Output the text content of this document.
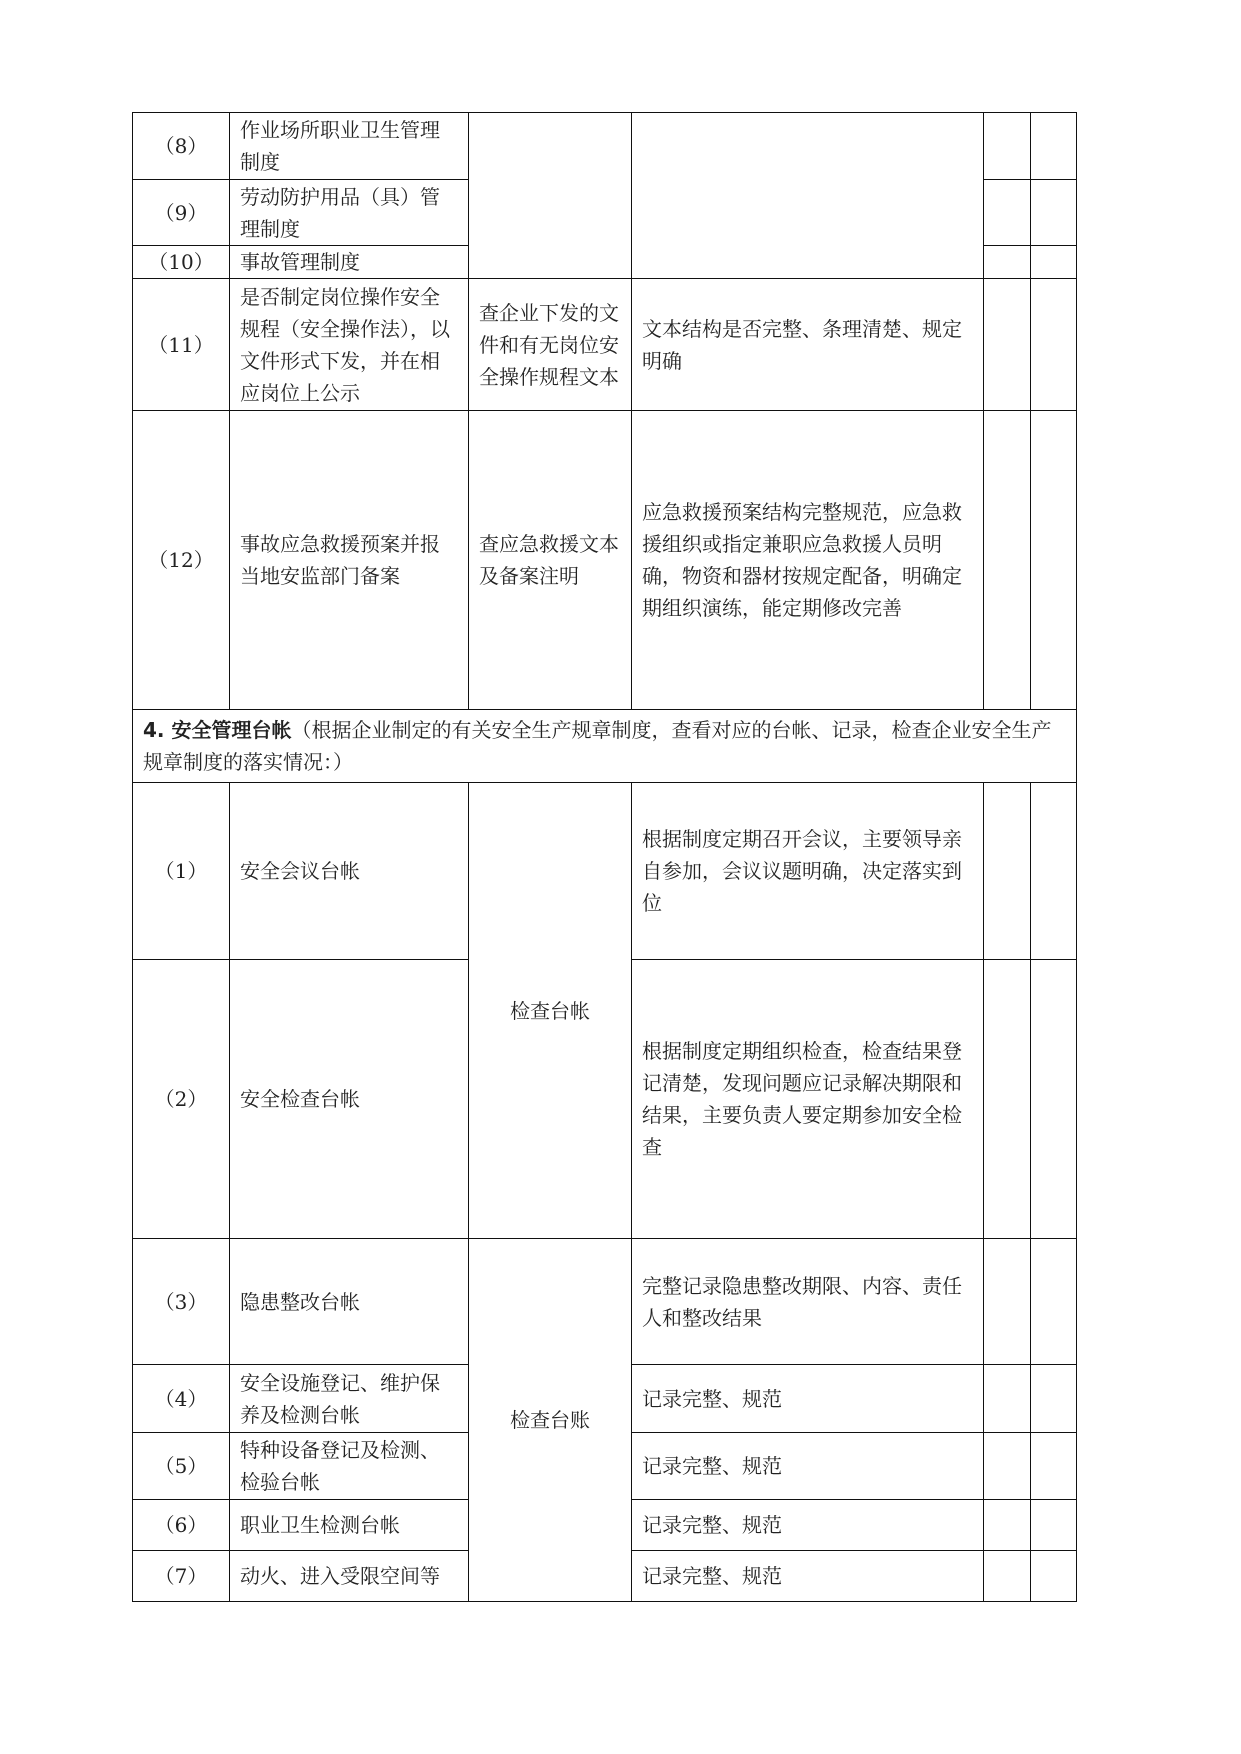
（8）	作业场所职业卫生管理制度				
（9）	劳动防护用品（具）管理制度				
（10）	事故管理制度				
（11）	是否制定岗位操作安全规程（安全操作法），以文件形式下发，并在相应岗位上公示	查企业下发的文件和有无岗位安全操作规程文本	文本结构是否完整、条理清楚、规定明确		
（12）	事故应急救援预案并报当地安监部门备案	查应急救援文本及备案注明	应急救援预案结构完整规范，应急救援组织或指定兼职应急救援人员明确，物资和器材按规定配备，明确定期组织演练，能定期修改完善		
4. 安全管理台帐（根据企业制定的有关安全生产规章制度，查看对应的台帐、记录，检查企业安全生产规章制度的落实情况：）					
（1）	安全会议台帐	检查台帐	根据制度定期召开会议，主要领导亲自参加，会议议题明确，决定落实到位		
（2）	安全检查台帐		根据制度定期组织检查，检查结果登记清楚，发现问题应记录解决期限和结果，主要负责人要定期参加安全检查		
（3）	隐患整改台帐	检查台账	完整记录隐患整改期限、内容、责任人和整改结果		
（4）	安全设施登记、维护保养及检测台帐		记录完整、规范		
（5）	特种设备登记及检测、检验台帐		记录完整、规范		
（6）	职业卫生检测台帐		记录完整、规范		
（7）	动火、进入受限空间等		记录完整、规范		
